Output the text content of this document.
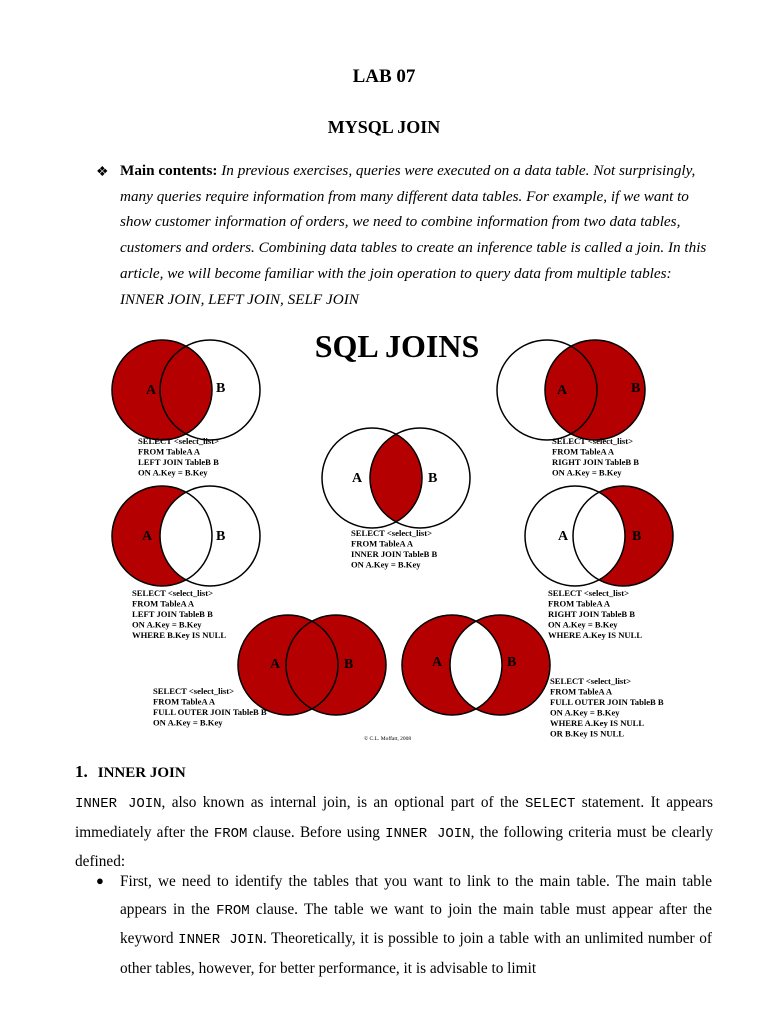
LAB 07
MYSQL JOIN
❖ Main contents: In previous exercises, queries were executed on a data table. Not surprisingly, many queries require information from many different data tables. For example, if we want to show customer information of orders, we need to combine information from two data tables, customers and orders. Combining data tables to create an inference table is called a join. In this article, we will become familiar with the join operation to query data from multiple tables: INNER JOIN, LEFT JOIN, SELF JOIN
SQL JOINS
A	B
SELECT <select_list>
FROM TableA A
LEFT JOIN TableB B
ON A.Key = B.Key
A	B
SELECT <select_list>
FROM TableA A
RIGHT JOIN TableB B
ON A.Key = B.Key
A	B
SELECT <select_list>
FROM TableA A
INNER JOIN TableB B
ON A.Key = B.Key
A	B
SELECT <select_list>
FROM TableA A
LEFT JOIN TableB B
ON A.Key = B.Key
WHERE B.Key IS NULL
A	B
SELECT <select_list>
FROM TableA A
RIGHT JOIN TableB B
ON A.Key = B.Key
WHERE A.Key IS NULL
A	B
SELECT <select_list>
FROM TableA A
FULL OUTER JOIN TableB B
ON A.Key = B.Key
A	B
SELECT <select_list>
FROM TableA A
FULL OUTER JOIN TableB B
ON A.Key = B.Key
WHERE A.Key IS NULL
OR B.Key IS NULL
© C.L. Moffatt, 2008
1. INNER JOIN
INNER JOIN, also known as internal join, is an optional part of the SELECT statement. It appears immediately after the FROM clause. Before using INNER JOIN, the following criteria must be clearly defined:
● First, we need to identify the tables that you want to link to the main table. The main table appears in the FROM clause. The table we want to join the main table must appear after the keyword INNER JOIN. Theoretically, it is possible to join a table with an unlimited number of other tables, however, for better performance, it is advisable to limit
